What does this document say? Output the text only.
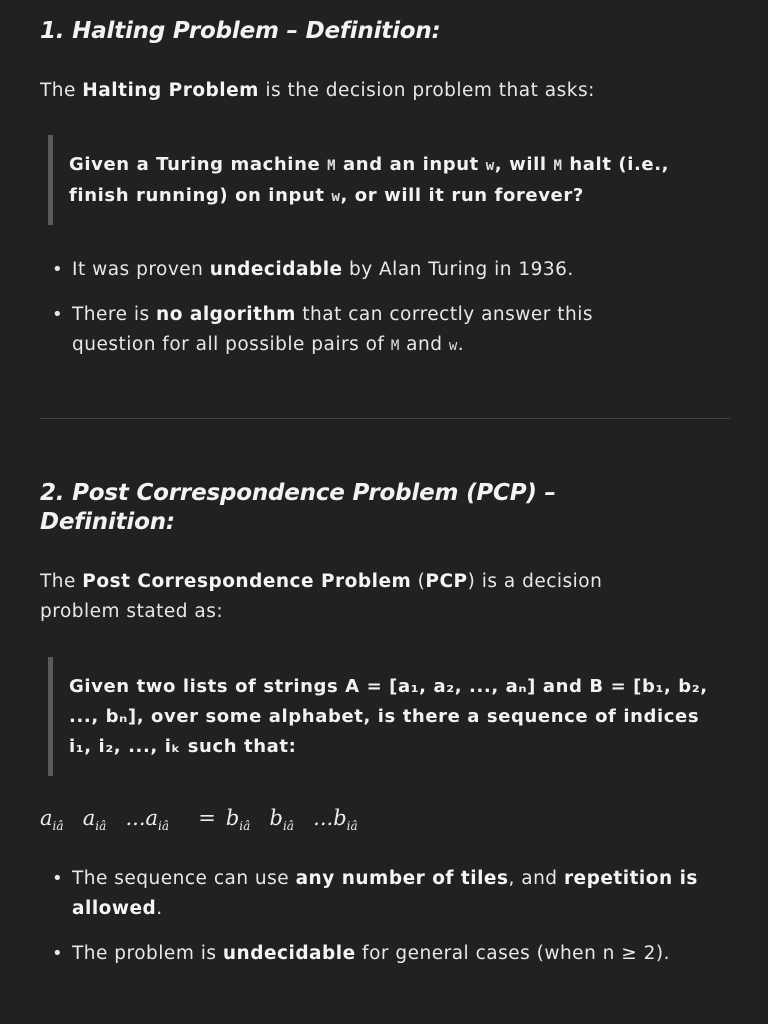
1. Halting Problem – Definition:

The Halting Problem is the decision problem that asks:

Given a Turing machine M and an input w, will M halt (i.e., finish running) on input w, or will it run forever?

• It was proven undecidable by Alan Turing in 1936.
• There is no algorithm that can correctly answer this question for all possible pairs of M and w.
2. Post Correspondence Problem (PCP) – Definition:

The Post Correspondence Problem (PCP) is a decision problem stated as:

Given two lists of strings A = [a₁, a₂, ..., aₙ] and B = [b₁, b₂, ..., bₙ], over some alphabet, is there a sequence of indices i₁, i₂, ..., iₖ such that:

$a_{iâ}a_{iâ}...a_{iâ} = b_{iâ}b_{iâ}...b_{iâ}$
• The sequence can use any number of tiles, and repetition is allowed.
• The problem is undecidable for general cases (when n ≥ 2).
